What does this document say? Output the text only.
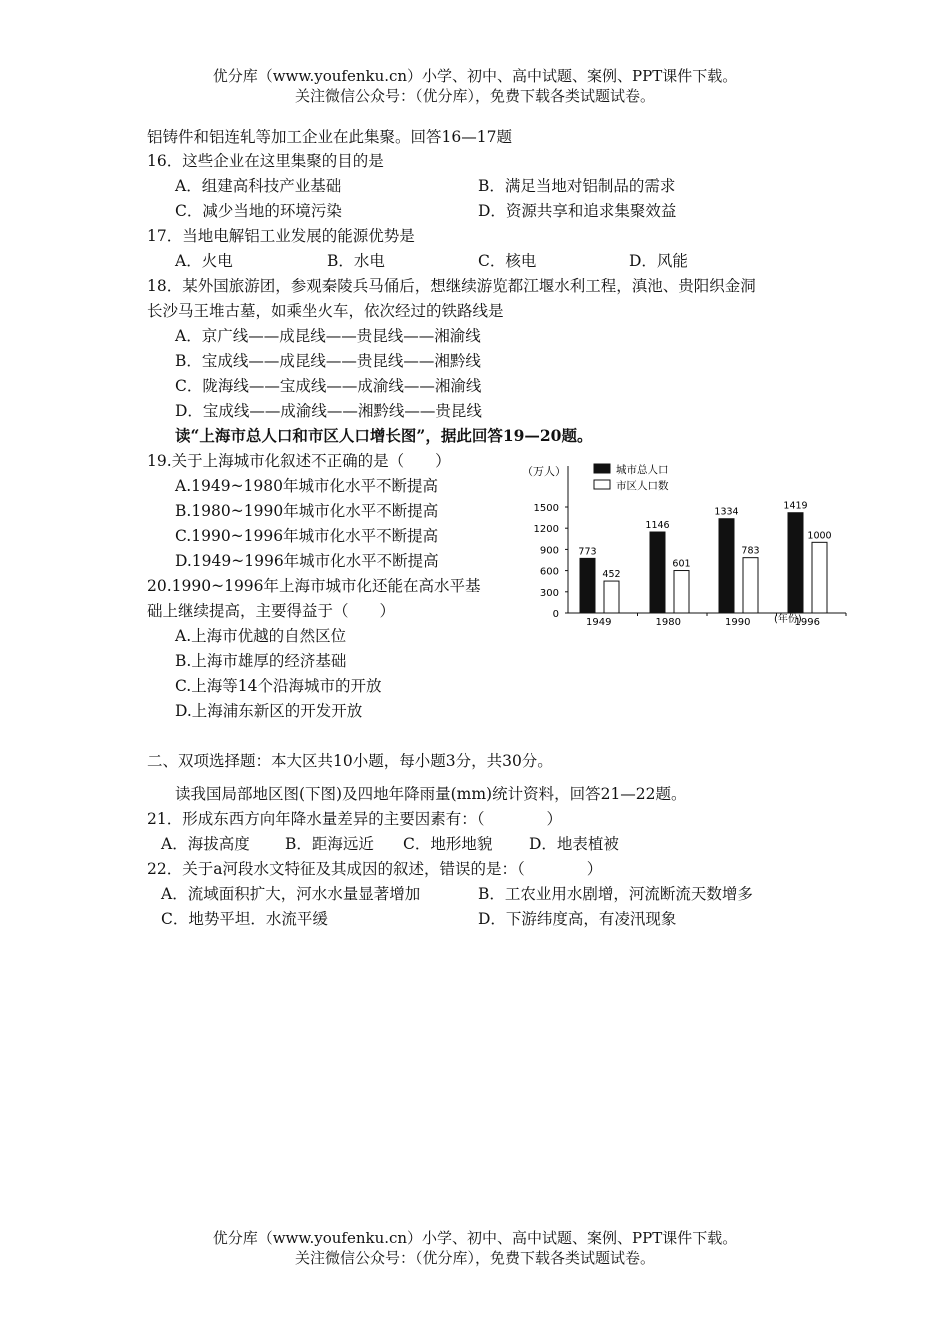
优分库（www.youfenku.cn）小学、初中、高中试题、案例、PPT课件下载。
关注微信公众号：（优分库），免费下载各类试题试卷。
铝铸件和铝连轧等加工企业在此集聚。回答16—17题
16．这些企业在这里集聚的目的是
A．组建高科技产业基础	B．满足当地对铝制品的需求
C．减少当地的环境污染	D．资源共享和追求集聚效益
17．当地电解铝工业发展的能源优势是
A．火电	B．水电	C．核电	D．风能
18．某外国旅游团，参观秦陵兵马俑后，想继续游览都江堰水利工程，滇池、贵阳织金洞
长沙马王堆古墓，如乘坐火车，依次经过的铁路线是
A．京广线——成昆线——贵昆线——湘渝线
B．宝成线——成昆线——贵昆线——湘黔线
C．陇海线——宝成线——成渝线——湘渝线
D．宝成线——成渝线——湘黔线——贵昆线
读“上海市总人口和市区人口增长图”，据此回答19—20题。
19.关于上海城市化叙述不正确的是（　　）
A.1949~1980年城市化水平不断提高
B.1980~1990年城市化水平不断提高
C.1990~1996年城市化水平不断提高
D.1949~1996年城市化水平不断提高
20.1990~1996年上海市城市化还能在高水平基
础上继续提高，主要得益于（　　）
A.上海市优越的自然区位
B.上海市雄厚的经济基础
C.上海等14个沿海城市的开放
D.上海浦东新区的开发开放
二、双项选择题：本大区共10小题，每小题3分，共30分。
读我国局部地区图(下图)及四地年降雨量(mm)统计资料，回答21—22题。
21．形成东西方向年降水量差异的主要因素有：（　　　　）
A．海拔高度 B．距海远近 C．地形地貌 D．地表植被
22．关于a河段水文特征及其成因的叙述，错误的是：（　　　　）
A．流域面积扩大，河水水量显著增加	B．工农业用水剧增，河流断流天数增多
C．地势平坦．水流平缓	D．下游纬度高，有凌汛现象
（万人）
(年份)
1500
1200
900
600
300
0
773
452
1949
1146
601
1980
1334
783
1990
1419
1000
1996
城市总人口
市区人口数
优分库（www.youfenku.cn）小学、初中、高中试题、案例、PPT课件下载。
关注微信公众号：（优分库），免费下载各类试题试卷。
